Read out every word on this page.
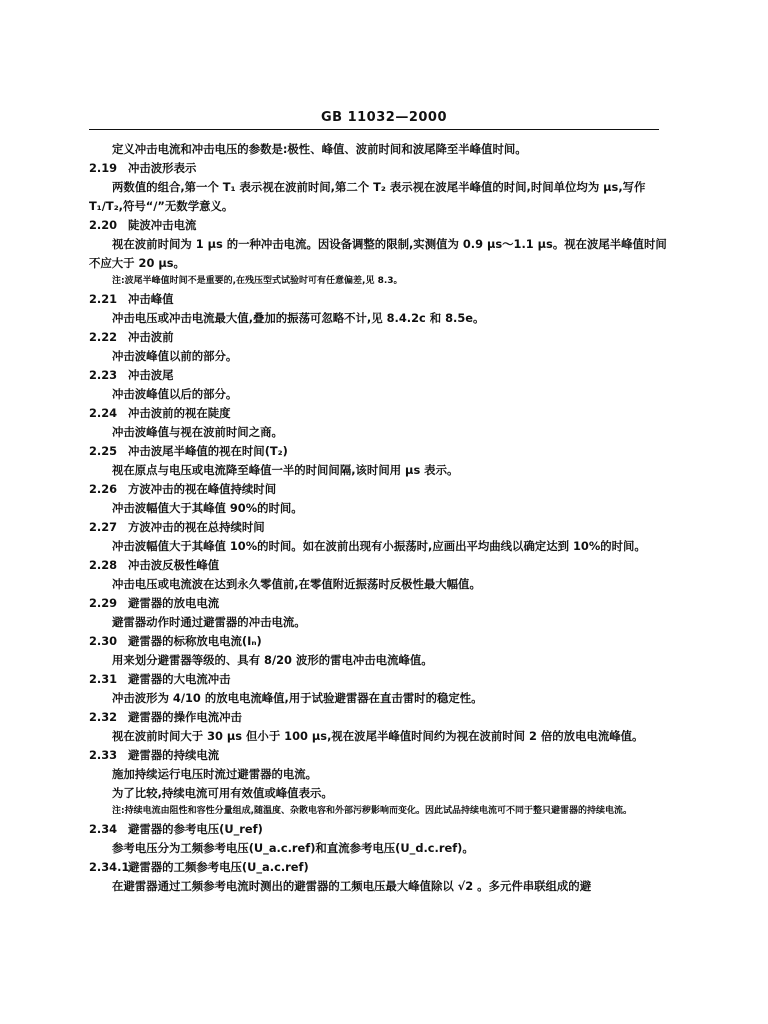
GB 11032—2000
定义冲击电流和冲击电压的参数是:极性、峰值、波前时间和波尾降至半峰值时间。
2.19 冲击波形表示
两数值的组合,第一个 T₁ 表示视在波前时间,第二个 T₂ 表示视在波尾半峰值的时间,时间单位均为 μs,写作 T₁/T₂,符号“/”无数学意义。
2.20 陡波冲击电流
视在波前时间为 1 μs 的一种冲击电流。因设备调整的限制,实测值为 0.9 μs～1.1 μs。视在波尾半峰值时间不应大于 20 μs。
注:波尾半峰值时间不是重要的,在残压型式试验时可有任意偏差,见 8.3。
2.21 冲击峰值
冲击电压或冲击电流最大值,叠加的振荡可忽略不计,见 8.4.2c 和 8.5e。
2.22 冲击波前
冲击波峰值以前的部分。
2.23 冲击波尾
冲击波峰值以后的部分。
2.24 冲击波前的视在陡度
冲击波峰值与视在波前时间之商。
2.25 冲击波尾半峰值的视在时间(T₂)
视在原点与电压或电流降至峰值一半的时间间隔,该时间用 μs 表示。
2.26 方波冲击的视在峰值持续时间
冲击波幅值大于其峰值 90%的时间。
2.27 方波冲击的视在总持续时间
冲击波幅值大于其峰值 10%的时间。如在波前出现有小振荡时,应画出平均曲线以确定达到 10%的时间。
2.28 冲击波反极性峰值
冲击电压或电流波在达到永久零值前,在零值附近振荡时反极性最大幅值。
2.29 避雷器的放电电流
避雷器动作时通过避雷器的冲击电流。
2.30 避雷器的标称放电电流(Iₙ)
用来划分避雷器等级的、具有 8/20 波形的雷电冲击电流峰值。
2.31 避雷器的大电流冲击
冲击波形为 4/10 的放电电流峰值,用于试验避雷器在直击雷时的稳定性。
2.32 避雷器的操作电流冲击
视在波前时间大于 30 μs 但小于 100 μs,视在波尾半峰值时间约为视在波前时间 2 倍的放电电流峰值。
2.33 避雷器的持续电流
施加持续运行电压时流过避雷器的电流。
为了比较,持续电流可用有效值或峰值表示。
注:持续电流由阻性和容性分量组成,随温度、杂散电容和外部污秽影响而变化。因此试品持续电流可不同于整只避雷器的持续电流。
2.34 避雷器的参考电压(U_ref)
参考电压分为工频参考电压(U_a.c.ref)和直流参考电压(U_d.c.ref)。
2.34.1避雷器的工频参考电压(U_a.c.ref)
在避雷器通过工频参考电流时测出的避雷器的工频电压最大峰值除以 √2 。多元件串联组成的避
